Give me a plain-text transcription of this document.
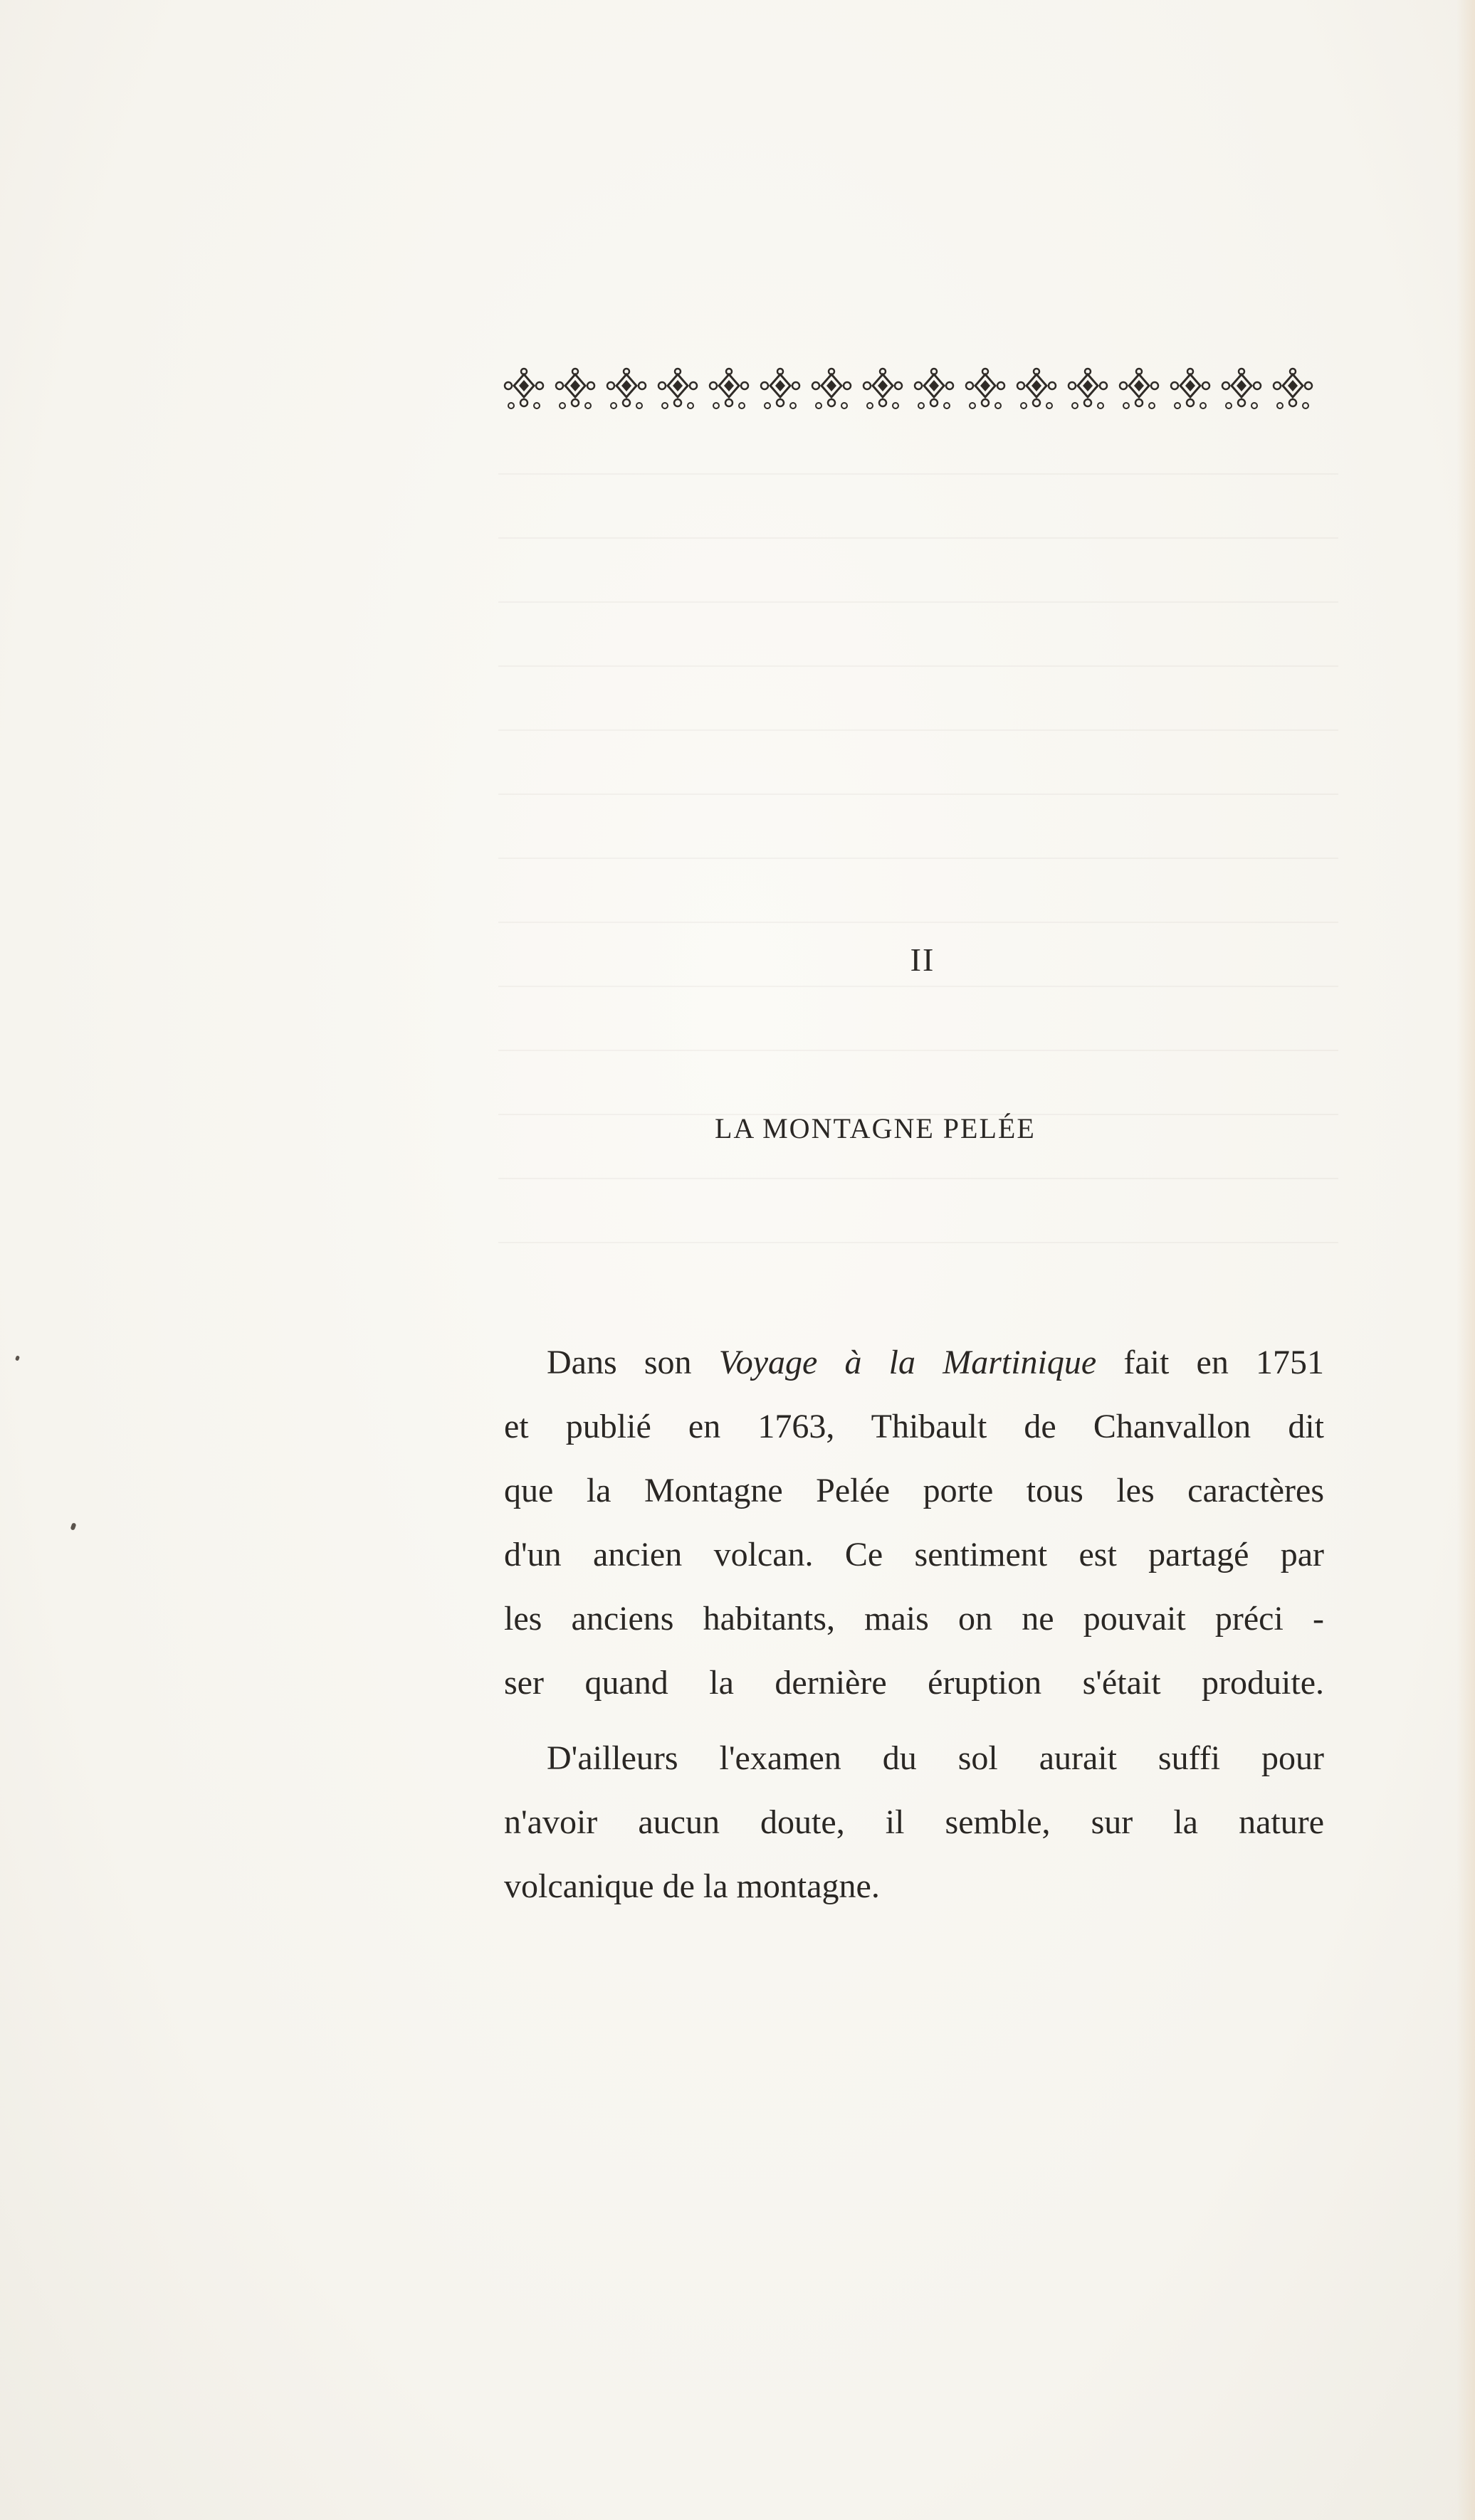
II
LA MONTAGNE PELÉE

Dans son Voyage à la Martinique fait en 1751
et publié en 1763, Thibault de Chanvallon dit
que la Montagne Pelée porte tous les caractères
d'un ancien volcan. Ce sentiment est partagé par
les anciens habitants, mais on ne pouvait préci -
ser quand la dernière éruption s'était produite.

D'ailleurs l'examen du sol aurait suffi pour
n'avoir aucun doute, il semble, sur la nature
volcanique de la montagne.
